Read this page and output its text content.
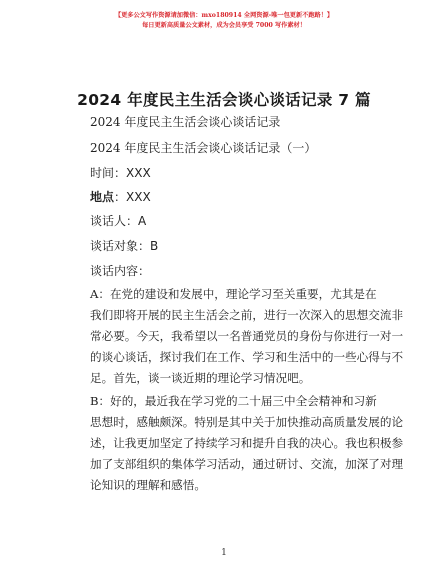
【更多公文写作资源请加微信：mxo180914 全网资源-唯一包更新不跑路！】
每日更新高质量公文素材，成为会员享受 7000 写作素材！
2024 年度民主生活会谈心谈话记录 7 篇
2024 年度民主生活会谈心谈话记录
2024 年度民主生活会谈心谈话记录（一）
时间：XXX
地点：XXX
谈话人：A
谈话对象：B
谈话内容：
A：在党的建设和发展中，理论学习至关重要，尤其是在
我们即将开展的民主生活会之前，进行一次深入的思想交流非
常必要。今天，我希望以一名普通党员的身份与你进行一对一
的谈心谈话，探讨我们在工作、学习和生活中的一些心得与不
足。首先，谈一谈近期的理论学习情况吧。
B：好的，最近我在学习党的二十届三中全会精神和习新
思想时，感触颇深。特别是其中关于加快推动高质量发展的论
述，让我更加坚定了持续学习和提升自我的决心。我也积极参
加了支部组织的集体学习活动，通过研讨、交流，加深了对理
论知识的理解和感悟。
1
